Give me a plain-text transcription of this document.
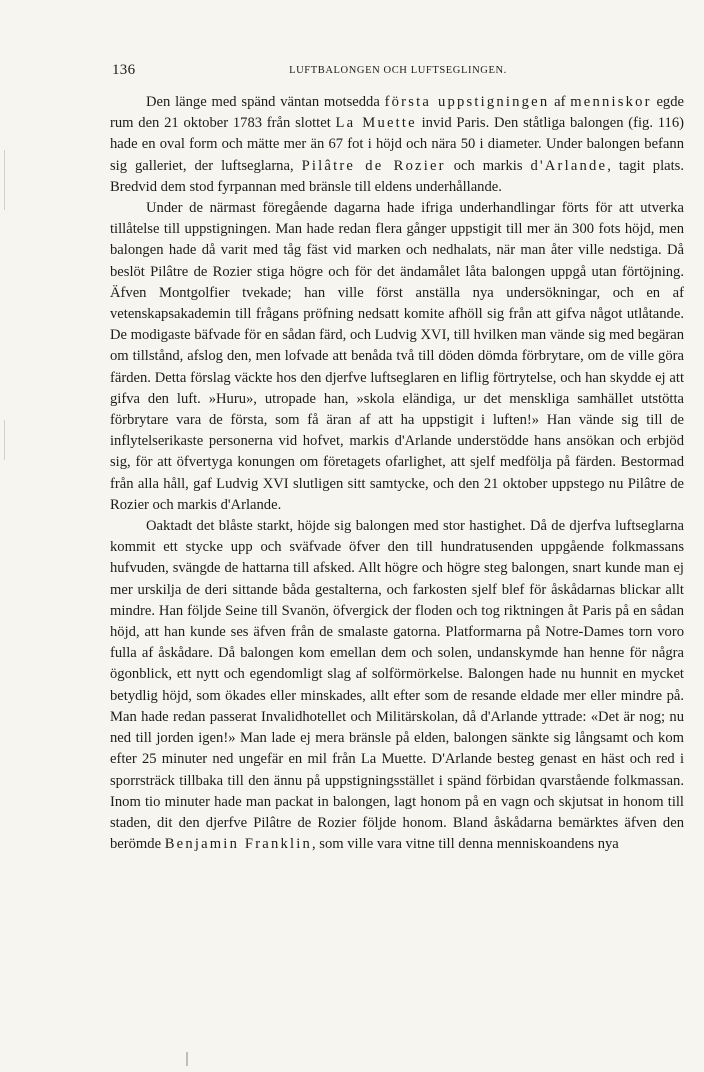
136	LUFTBALONGEN OCH LUFTSEGLINGEN.

Den länge med spänd väntan motsedda första uppstigningen af menniskor egde rum den 21 oktober 1783 från slottet La Muette invid Paris. Den ståtliga balongen (fig. 116) hade en oval form och mätte mer än 67 fot i höjd och nära 50 i diameter. Under balongen befann sig galleriet, der luftseglarna, Pilâtre de Rozier och markis d'Arlande, tagit plats. Bredvid dem stod fyrpannan med bränsle till eldens underhållande.

Under de närmast föregående dagarna hade ifriga underhandlingar förts för att utverka tillåtelse till uppstigningen. Man hade redan flera gånger uppstigit till mer än 300 fots höjd, men balongen hade då varit med tåg fäst vid marken och nedhalats, när man åter ville nedstiga. Då beslöt Pilâtre de Rozier stiga högre och för det ändamålet låta balongen uppgå utan förtöjning. Äfven Montgolfier tvekade; han ville först anställa nya undersökningar, och en af vetenskapsakademin till frågans pröfning nedsatt komite afhöll sig från att gifva något utlåtande. De modigaste bäfvade för en sådan färd, och Ludvig XVI, till hvilken man vände sig med begäran om tillstånd, afslog den, men lofvade att benåda två till döden dömda förbrytare, om de ville göra färden. Detta förslag väckte hos den djerfve luftseglaren en liflig förtrytelse, och han skydde ej att gifva den luft. »Huru», utropade han, »skola eländiga, ur det menskliga samhället utstötta förbrytare vara de första, som få äran af att ha uppstigit i luften!» Han vände sig till de inflytelserikaste personerna vid hofvet, markis d'Arlande understödde hans ansökan och erbjöd sig, för att öfvertyga konungen om företagets ofarlighet, att sjelf medfölja på färden. Bestormad från alla håll, gaf Ludvig XVI slutligen sitt samtycke, och den 21 oktober uppstego nu Pilâtre de Rozier och markis d'Arlande.

Oaktadt det blåste starkt, höjde sig balongen med stor hastighet. Då de djerfva luftseglarna kommit ett stycke upp och sväfvade öfver den till hundratusenden uppgående folkmassans hufvuden, svängde de hattarna till afsked. Allt högre och högre steg balongen, snart kunde man ej mer urskilja de deri sittande båda gestalterna, och farkosten sjelf blef för åskådarnas blickar allt mindre. Han följde Seine till Svanön, öfvergick der floden och tog riktningen åt Paris på en sådan höjd, att han kunde ses äfven från de smalaste gatorna. Platformarna på Notre-Dames torn voro fulla af åskådare. Då balongen kom emellan dem och solen, undanskymde han henne för några ögonblick, ett nytt och egendomligt slag af solförmörkelse. Balongen hade nu hunnit en mycket betydlig höjd, som ökades eller minskades, allt efter som de resande eldade mer eller mindre på. Man hade redan passerat Invalidhotellet och Militärskolan, då d'Arlande yttrade: «Det är nog; nu ned till jorden igen!» Man lade ej mera bränsle på elden, balongen sänkte sig långsamt och kom efter 25 minuter ned ungefär en mil från La Muette. D'Arlande besteg genast en häst och red i sporrsträck tillbaka till den ännu på uppstigningsstället i spänd förbidan qvarstående folkmassan. Inom tio minuter hade man packat in balongen, lagt honom på en vagn och skjutsat in honom till staden, dit den djerfve Pilâtre de Rozier följde honom. Bland åskådarna bemärktes äfven den berömde Benjamin Franklin, som ville vara vitne till denna menniskoandens nya
